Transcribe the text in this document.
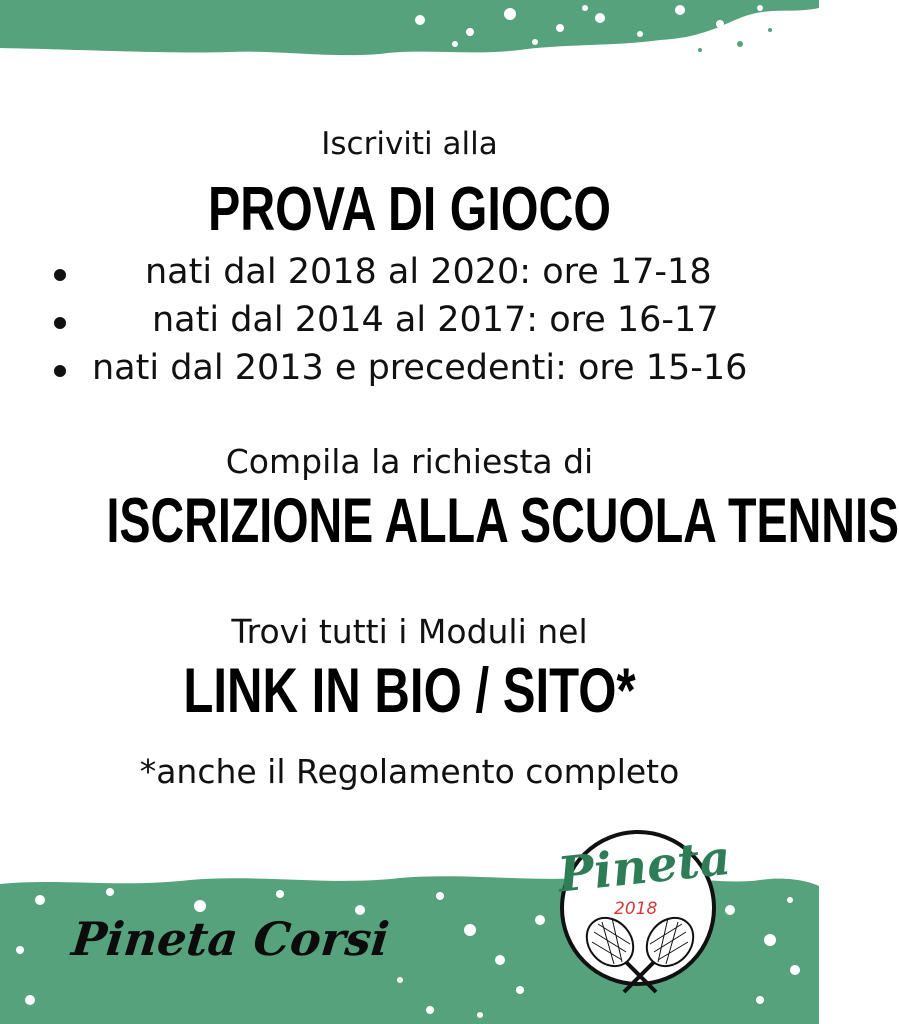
Iscriviti alla
PROVA DI GIOCO
nati dal 2018 al 2020: ore 17-18
nati dal 2014 al 2017: ore 16-17
nati dal 2013 e precedenti: ore 15-16
Compila la richiesta di
ISCRIZIONE ALLA SCUOLA TENNIS
Trovi tutti i Moduli nel
LINK IN BIO / SITO*
*anche il Regolamento completo
Pineta Corsi
Pineta
2018
